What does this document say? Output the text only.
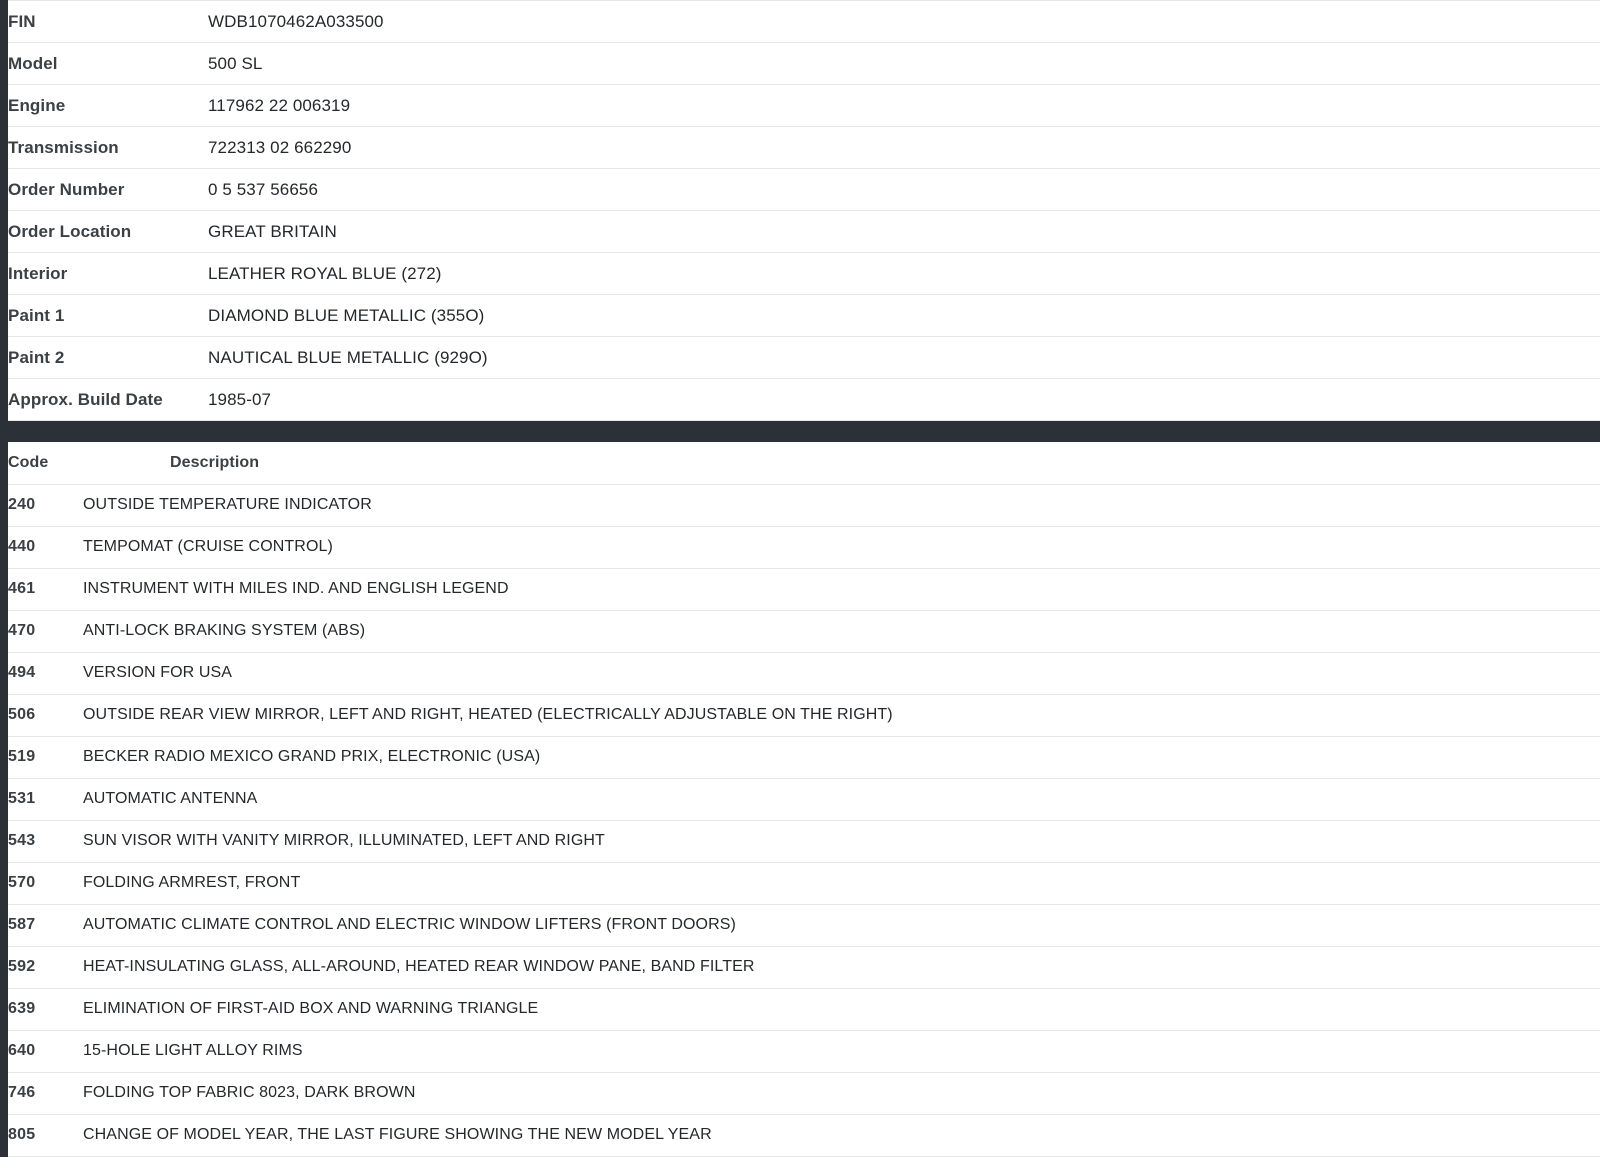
FIN	WDB1070462A033500
Model	500 SL
Engine	117962 22 006319
Transmission	722313 02 662290
Order Number	0 5 537 56656
Order Location	GREAT BRITAIN
Interior	LEATHER ROYAL BLUE (272)
Paint 1	DIAMOND BLUE METALLIC (355O)
Paint 2	NAUTICAL BLUE METALLIC (929O)
Approx. Build Date	1985-07
Code	Description
240	OUTSIDE TEMPERATURE INDICATOR
440	TEMPOMAT (CRUISE CONTROL)
461	INSTRUMENT WITH MILES IND. AND ENGLISH LEGEND
470	ANTI-LOCK BRAKING SYSTEM (ABS)
494	VERSION FOR USA
506	OUTSIDE REAR VIEW MIRROR, LEFT AND RIGHT, HEATED (ELECTRICALLY ADJUSTABLE ON THE RIGHT)
519	BECKER RADIO MEXICO GRAND PRIX, ELECTRONIC (USA)
531	AUTOMATIC ANTENNA
543	SUN VISOR WITH VANITY MIRROR, ILLUMINATED, LEFT AND RIGHT
570	FOLDING ARMREST, FRONT
587	AUTOMATIC CLIMATE CONTROL AND ELECTRIC WINDOW LIFTERS (FRONT DOORS)
592	HEAT-INSULATING GLASS, ALL-AROUND, HEATED REAR WINDOW PANE, BAND FILTER
639	ELIMINATION OF FIRST-AID BOX AND WARNING TRIANGLE
640	15-HOLE LIGHT ALLOY RIMS
746	FOLDING TOP FABRIC 8023, DARK BROWN
805	CHANGE OF MODEL YEAR, THE LAST FIGURE SHOWING THE NEW MODEL YEAR
